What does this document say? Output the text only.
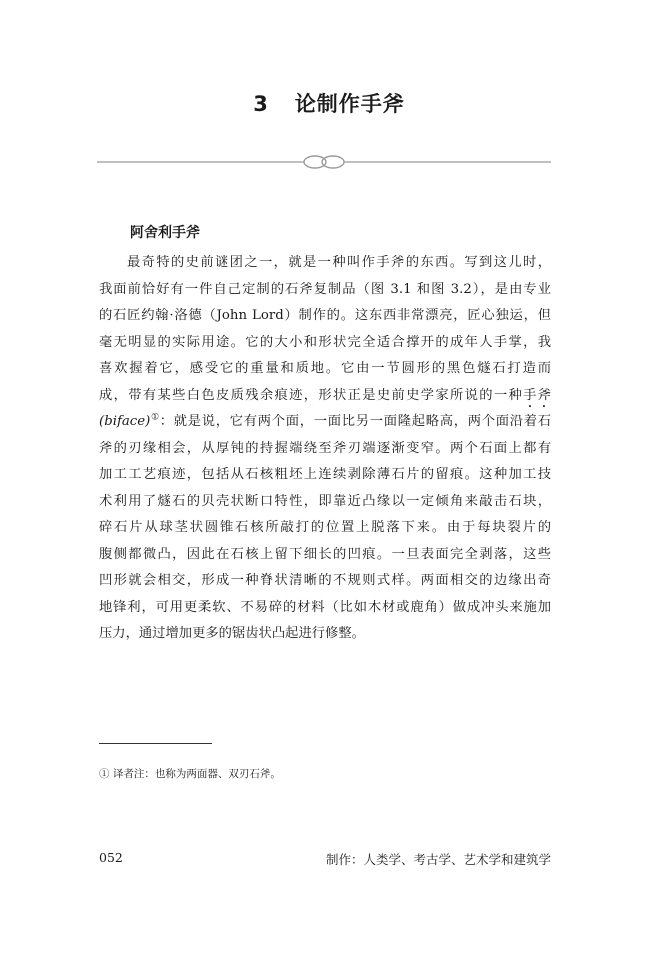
3 论制作手斧
阿舍利手斧
最奇特的史前谜团之一，就是一种叫作手斧的东西。写到这儿时，
我面前恰好有一件自己定制的石斧复制品（图 3.1 和图 3.2），是由专业
的石匠约翰·洛德（John Lord）制作的。这东西非常漂亮，匠心独运，但
毫无明显的实际用途。它的大小和形状完全适合撑开的成年人手掌，我
喜欢握着它，感受它的重量和质地。它由一节圆形的黑色燧石打造而
成，带有某些白色皮质残余痕迹，形状正是史前史学家所说的一种手斧
(biface)①：就是说，它有两个面，一面比另一面隆起略高，两个面沿着石
斧的刃缘相会，从厚钝的持握端绕至斧刃端逐渐变窄。两个石面上都有
加工工艺痕迹，包括从石核粗坯上连续剥除薄石片的留痕。这种加工技
术利用了燧石的贝壳状断口特性，即靠近凸缘以一定倾角来敲击石块，
碎石片从球茎状圆锥石核所敲打的位置上脱落下来。由于每块裂片的
腹侧都微凸，因此在石核上留下细长的凹痕。一旦表面完全剥落，这些
凹形就会相交，形成一种脊状清晰的不规则式样。两面相交的边缘出奇
地锋利，可用更柔软、不易碎的材料（比如木材或鹿角）做成冲头来施加
压力，通过增加更多的锯齿状凸起进行修整。
① 译者注：也称为两面器、双刃石斧。
052	制作：人类学、考古学、艺术学和建筑学
